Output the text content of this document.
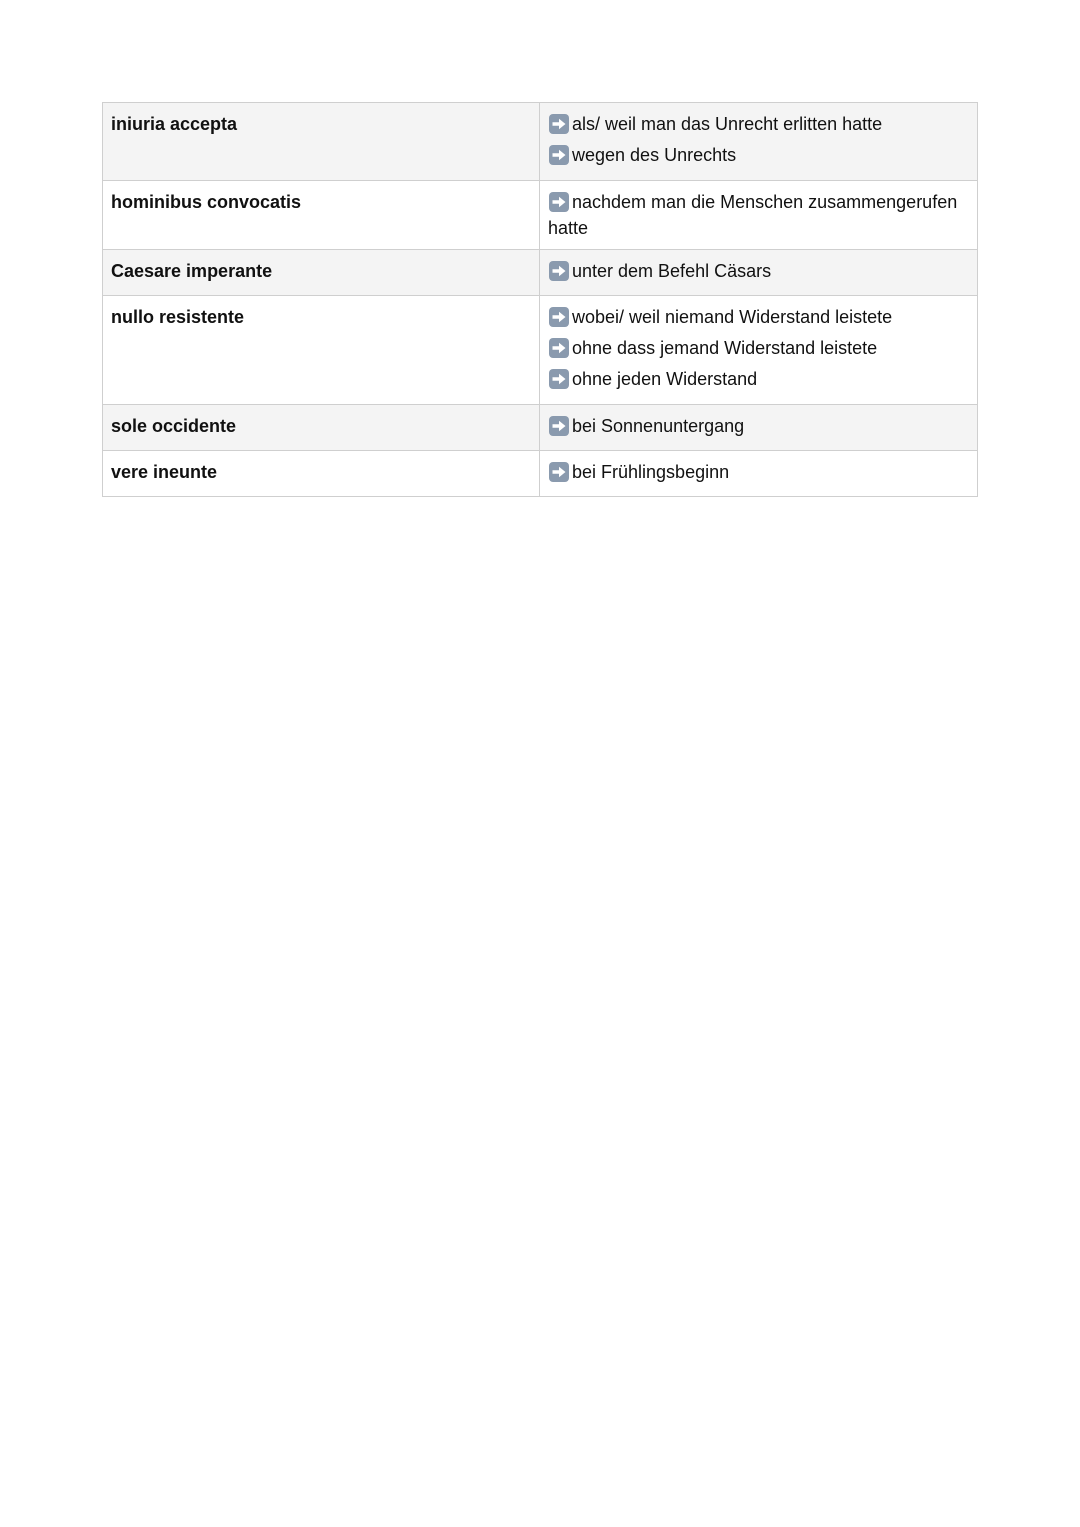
iniuria accepta	als/ weil man das Unrecht erlitten hatte
wegen des Unrechts

hominibus convocatis	nachdem man die Menschen zusammengerufen hatte

Caesare imperante	unter dem Befehl Cäsars

nullo resistente	wobei/ weil niemand Widerstand leistete
ohne dass jemand Widerstand leistete
ohne jeden Widerstand

sole occidente	bei Sonnenuntergang

vere ineunte	bei Frühlingsbeginn
